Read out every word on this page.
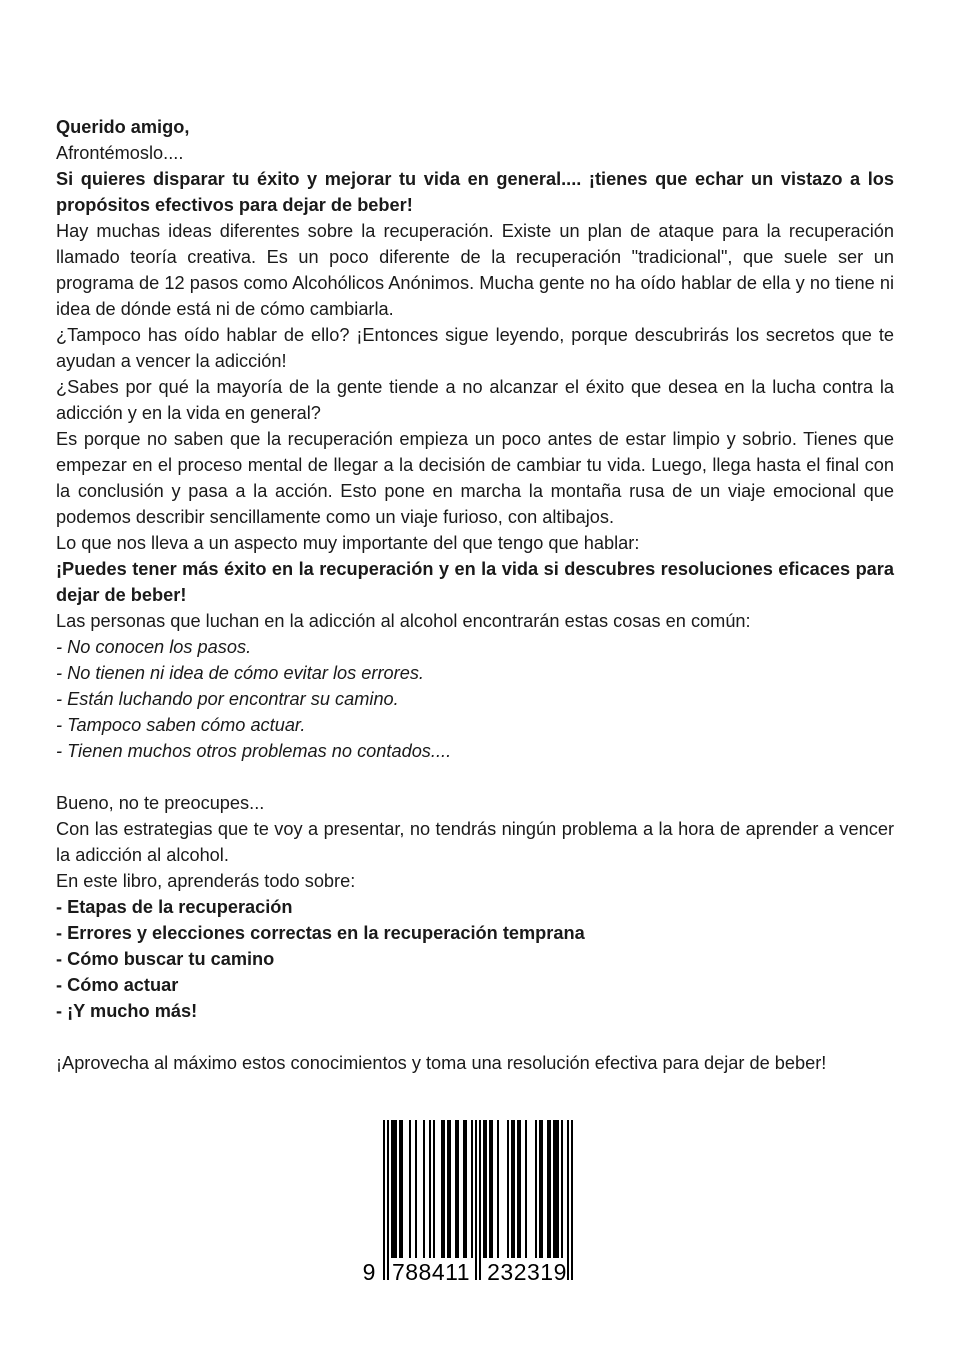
Querido amigo,

Afrontémoslo....

Si quieres disparar tu éxito y mejorar tu vida en general.... ¡tienes que echar un vistazo a los propósitos efectivos para dejar de beber!

Hay muchas ideas diferentes sobre la recuperación. Existe un plan de ataque para la recuperación llamado teoría creativa. Es un poco diferente de la recuperación "tradicional", que suele ser un programa de 12 pasos como Alcohólicos Anónimos. Mucha gente no ha oído hablar de ella y no tiene ni idea de dónde está ni de cómo cambiarla.

¿Tampoco has oído hablar de ello? ¡Entonces sigue leyendo, porque descubrirás los secretos que te ayudan a vencer la adicción!

¿Sabes por qué la mayoría de la gente tiende a no alcanzar el éxito que desea en la lucha contra la adicción y en la vida en general?

Es porque no saben que la recuperación empieza un poco antes de estar limpio y sobrio. Tienes que empezar en el proceso mental de llegar a la decisión de cambiar tu vida. Luego, llega hasta el final con la conclusión y pasa a la acción. Esto pone en marcha la montaña rusa de un viaje emocional que podemos describir sencillamente como un viaje furioso, con altibajos.

Lo que nos lleva a un aspecto muy importante del que tengo que hablar:

¡Puedes tener más éxito en la recuperación y en la vida si descubres resoluciones eficaces para dejar de beber!

Las personas que luchan en la adicción al alcohol encontrarán estas cosas en común:

- No conocen los pasos.

- No tienen ni idea de cómo evitar los errores.

- Están luchando por encontrar su camino.

- Tampoco saben cómo actuar.

- Tienen muchos otros problemas no contados....

Bueno, no te preocupes...

Con las estrategias que te voy a presentar, no tendrás ningún problema a la hora de aprender a vencer la adicción al alcohol.

En este libro, aprenderás todo sobre:

- Etapas de la recuperación

- Errores y elecciones correctas en la recuperación temprana

- Cómo buscar tu camino

- Cómo actuar

- ¡Y mucho más!

¡Aprovecha al máximo estos conocimientos y toma una resolución efectiva para dejar de beber!

9 788411 232319
